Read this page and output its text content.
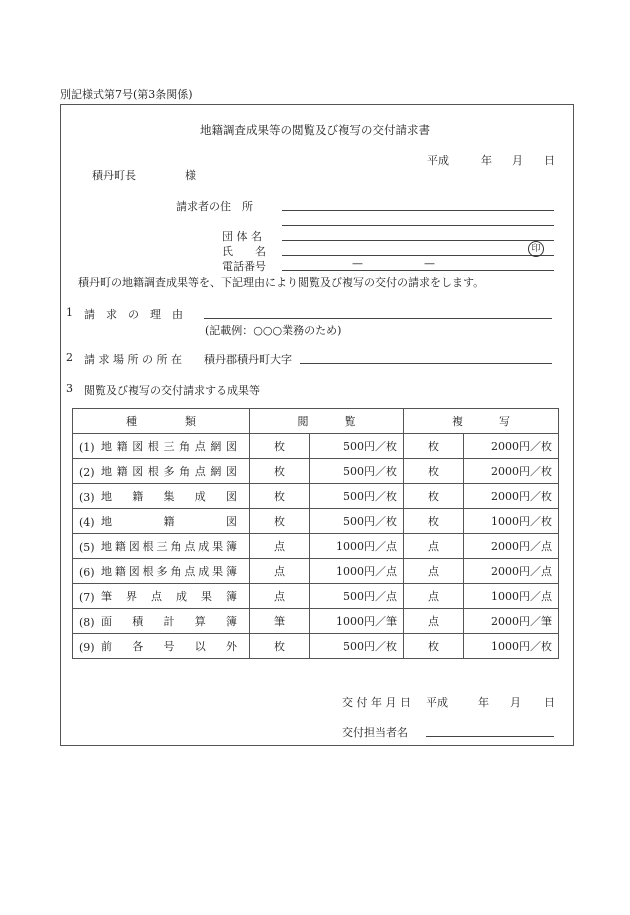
別記様式第7号(第3条関係)
地籍調査成果等の閲覧及び複写の交付請求書
平成	年 月 日
積丹町長	様
請求者の住　所
団 体 名
氏　　名	印
電話番号	—	—
積丹町の地籍調査成果等を、下記理由により閲覧及び複写の交付の請求をします。
1 請　求　の　理　由
(記載例：○○○業務のため)
2 請 求 場 所 の 所 在 積丹郡積丹町大字
3 閲覧及び複写の交付請求する成果等
種　　類	閲　　覧		複　　写	
(1) 地籍図根三角点網図	枚	500円／枚	枚	2000円／枚
(2) 地籍図根多角点網図	枚	500円／枚	枚	2000円／枚
(3) 地籍集成図	枚	500円／枚	枚	2000円／枚
(4) 地籍図	枚	500円／枚	枚	1000円／枚
(5) 地籍図根三角点成果簿	点	1000円／点	点	2000円／点
(6) 地籍図根多角点成果簿	点	1000円／点	点	2000円／点
(7) 筆界点成果簿	点	500円／点	点	1000円／点
(8) 面積計算簿	筆	1000円／筆	点	2000円／筆
(9) 前各号以外	枚	500円／枚	枚	1000円／枚
交 付 年 月 日 平成	年 月 日
交付担当者名
